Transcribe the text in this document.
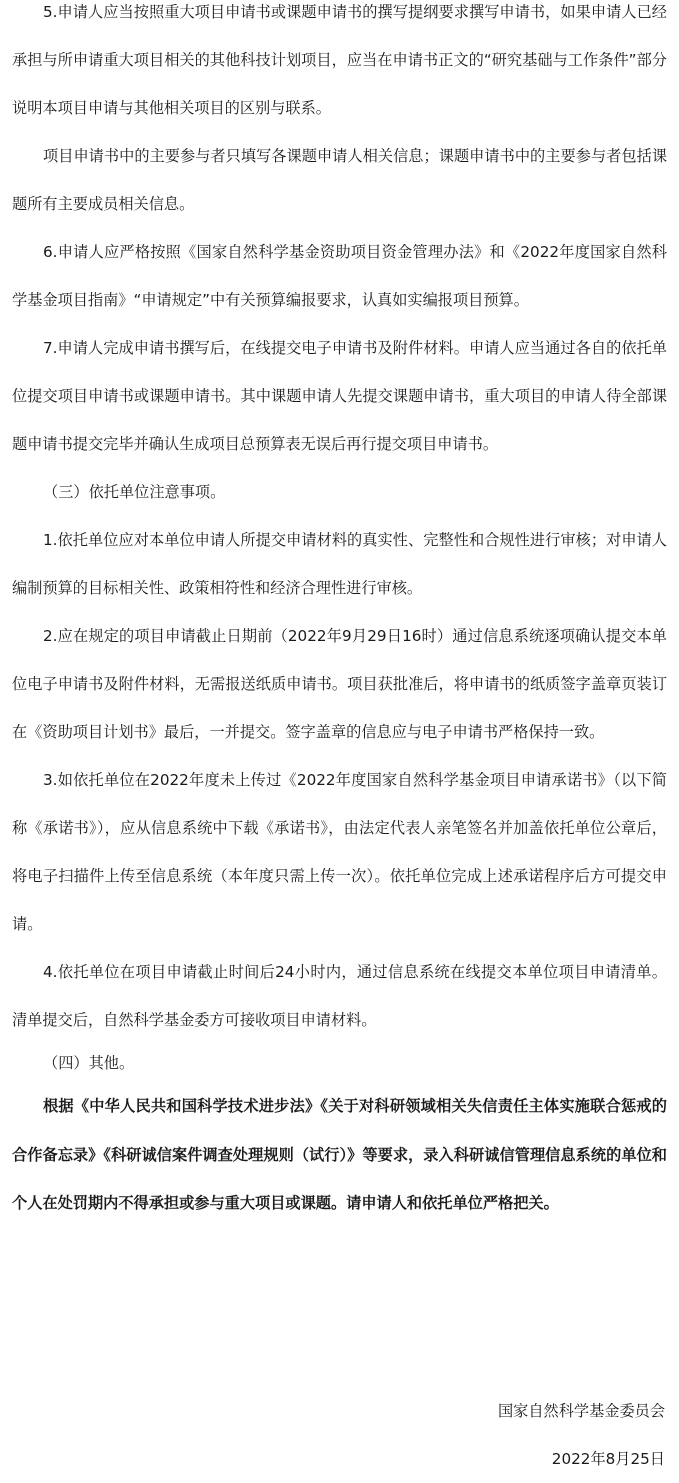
5.申请人应当按照重大项目申请书或课题申请书的撰写提纲要求撰写申请书，如果申请人已经承担与所申请重大项目相关的其他科技计划项目，应当在申请书正文的“研究基础与工作条件”部分说明本项目申请与其他相关项目的区别与联系。

项目申请书中的主要参与者只填写各课题申请人相关信息；课题申请书中的主要参与者包括课题所有主要成员相关信息。

6.申请人应严格按照《国家自然科学基金资助项目资金管理办法》和《2022年度国家自然科学基金项目指南》“申请规定”中有关预算编报要求，认真如实编报项目预算。

7.申请人完成申请书撰写后，在线提交电子申请书及附件材料。申请人应当通过各自的依托单位提交项目申请书或课题申请书。其中课题申请人先提交课题申请书，重大项目的申请人待全部课题申请书提交完毕并确认生成项目总预算表无误后再行提交项目申请书。

（三）依托单位注意事项。

1.依托单位应对本单位申请人所提交申请材料的真实性、完整性和合规性进行审核；对申请人编制预算的目标相关性、政策相符性和经济合理性进行审核。

2.应在规定的项目申请截止日期前（2022年9月29日16时）通过信息系统逐项确认提交本单位电子申请书及附件材料，无需报送纸质申请书。项目获批准后，将申请书的纸质签字盖章页装订在《资助项目计划书》最后，一并提交。签字盖章的信息应与电子申请书严格保持一致。

3.如依托单位在2022年度未上传过《2022年度国家自然科学基金项目申请承诺书》（以下简称《承诺书》），应从信息系统中下载《承诺书》，由法定代表人亲笔签名并加盖依托单位公章后，将电子扫描件上传至信息系统（本年度只需上传一次）。依托单位完成上述承诺程序后方可提交申请。

4.依托单位在项目申请截止时间后24小时内，通过信息系统在线提交本单位项目申请清单。清单提交后，自然科学基金委方可接收项目申请材料。

（四）其他。

根据《中华人民共和国科学技术进步法》《关于对科研领域相关失信责任主体实施联合惩戒的合作备忘录》《科研诚信案件调查处理规则（试行）》等要求，录入科研诚信管理信息系统的单位和个人在处罚期内不得承担或参与重大项目或课题。请申请人和依托单位严格把关。

国家自然科学基金委员会

2022年8月25日
